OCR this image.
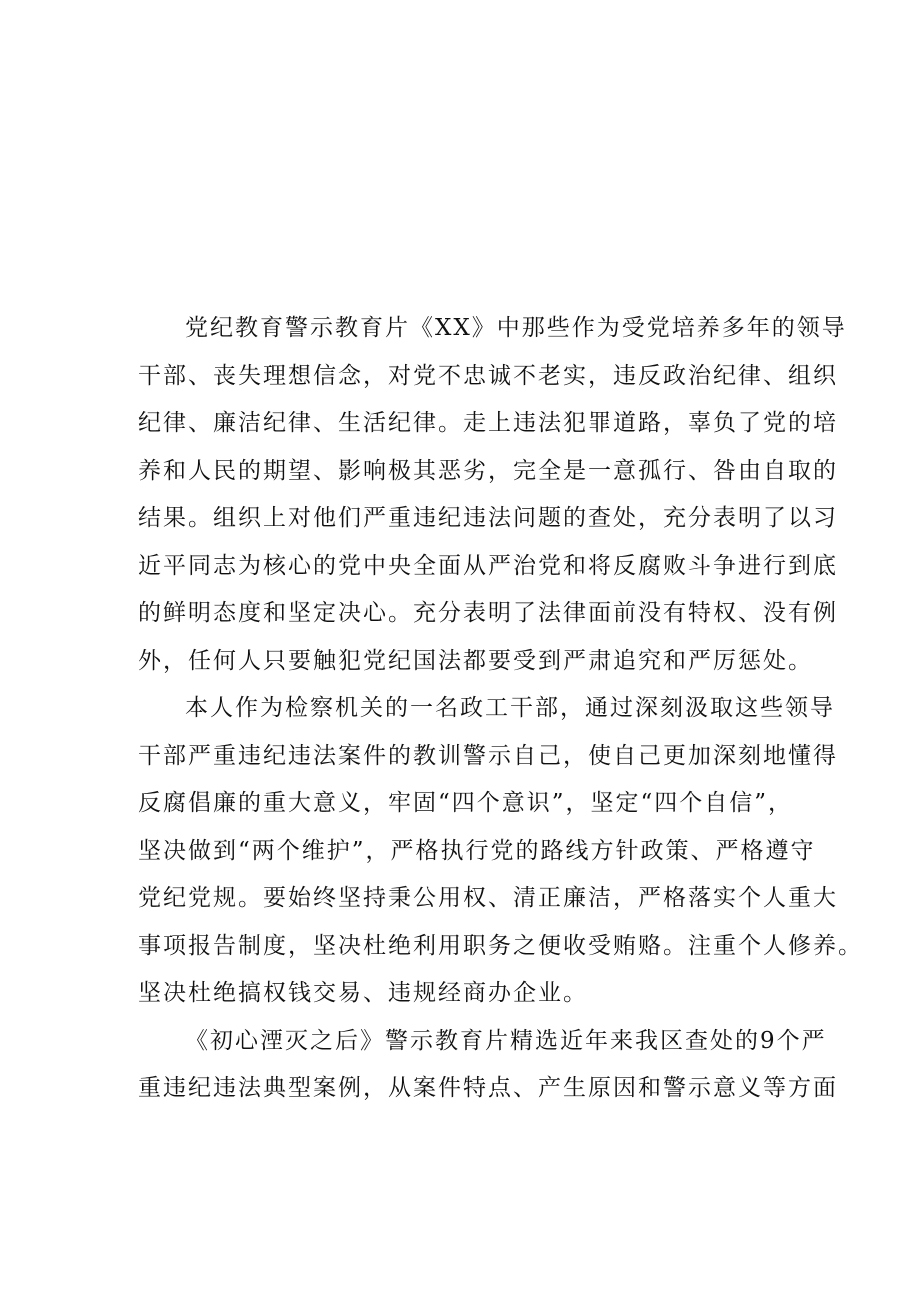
党纪教育警示教育片《XX》中那些作为受党培养多年的领导
干部、丧失理想信念，对党不忠诚不老实，违反政治纪律、组织
纪律、廉洁纪律、生活纪律。走上违法犯罪道路，辜负了党的培
养和人民的期望、影响极其恶劣，完全是一意孤行、咎由自取的
结果。组织上对他们严重违纪违法问题的查处，充分表明了以习
近平同志为核心的党中央全面从严治党和将反腐败斗争进行到底
的鲜明态度和坚定决心。充分表明了法律面前没有特权、没有例
外，任何人只要触犯党纪国法都要受到严肃追究和严厉惩处。
本人作为检察机关的一名政工干部，通过深刻汲取这些领导
干部严重违纪违法案件的教训警示自己，使自己更加深刻地懂得
反腐倡廉的重大意义，牢固“四个意识”，坚定“四个自信”，
坚决做到“两个维护”，严格执行党的路线方针政策、严格遵守
党纪党规。要始终坚持秉公用权、清正廉洁，严格落实个人重大
事项报告制度，坚决杜绝利用职务之便收受贿赂。注重个人修养。
坚决杜绝搞权钱交易、违规经商办企业。
《初心湮灭之后》警示教育片精选近年来我区查处的9个严
重违纪违法典型案例，从案件特点、产生原因和警示意义等方面
